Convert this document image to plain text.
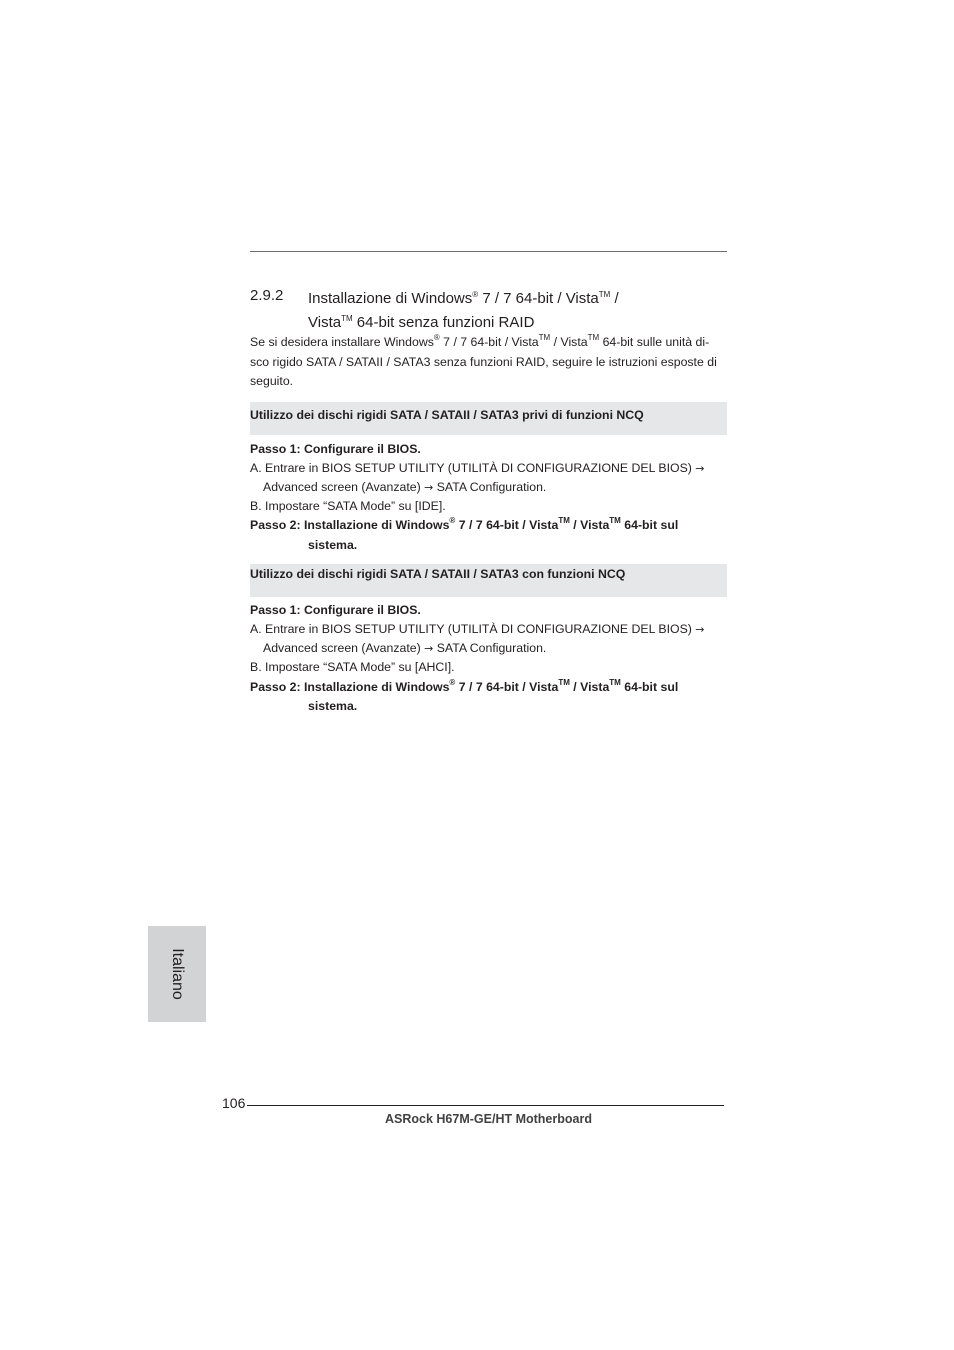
2.9.2 Installazione di Windows® 7 / 7 64-bit / Vista™ /
Vista™ 64-bit senza funzioni RAID
Se si desidera installare Windows® 7 / 7 64-bit / Vista™ / Vista™ 64-bit sulle unità di-sco rigido SATA / SATAII / SATA3 senza funzioni RAID, seguire le istruzioni esposte di seguito.
Utilizzo dei dischi rigidi SATA / SATAII / SATA3 privi di funzioni NCQ
Passo 1: Configurare il BIOS.
A. Entrare in BIOS SETUP UTILITY (UTILITÀ DI CONFIGURAZIONE DEL BIOS) →
Advanced screen (Avanzate) → SATA Configuration.
B. Impostare “SATA Mode” su [IDE].
Passo 2: Installazione di Windows® 7 / 7 64-bit / Vista™ / Vista™ 64-bit sul
sistema.
Utilizzo dei dischi rigidi SATA / SATAII / SATA3 con funzioni NCQ
Passo 1: Configurare il BIOS.
A. Entrare in BIOS SETUP UTILITY (UTILITÀ DI CONFIGURAZIONE DEL BIOS) →
Advanced screen (Avanzate) → SATA Configuration.
B. Impostare “SATA Mode” su [AHCI].
Passo 2: Installazione di Windows® 7 / 7 64-bit / Vista™ / Vista™ 64-bit sul
sistema.
Italiano
106
ASRock H67M-GE/HT Motherboard
